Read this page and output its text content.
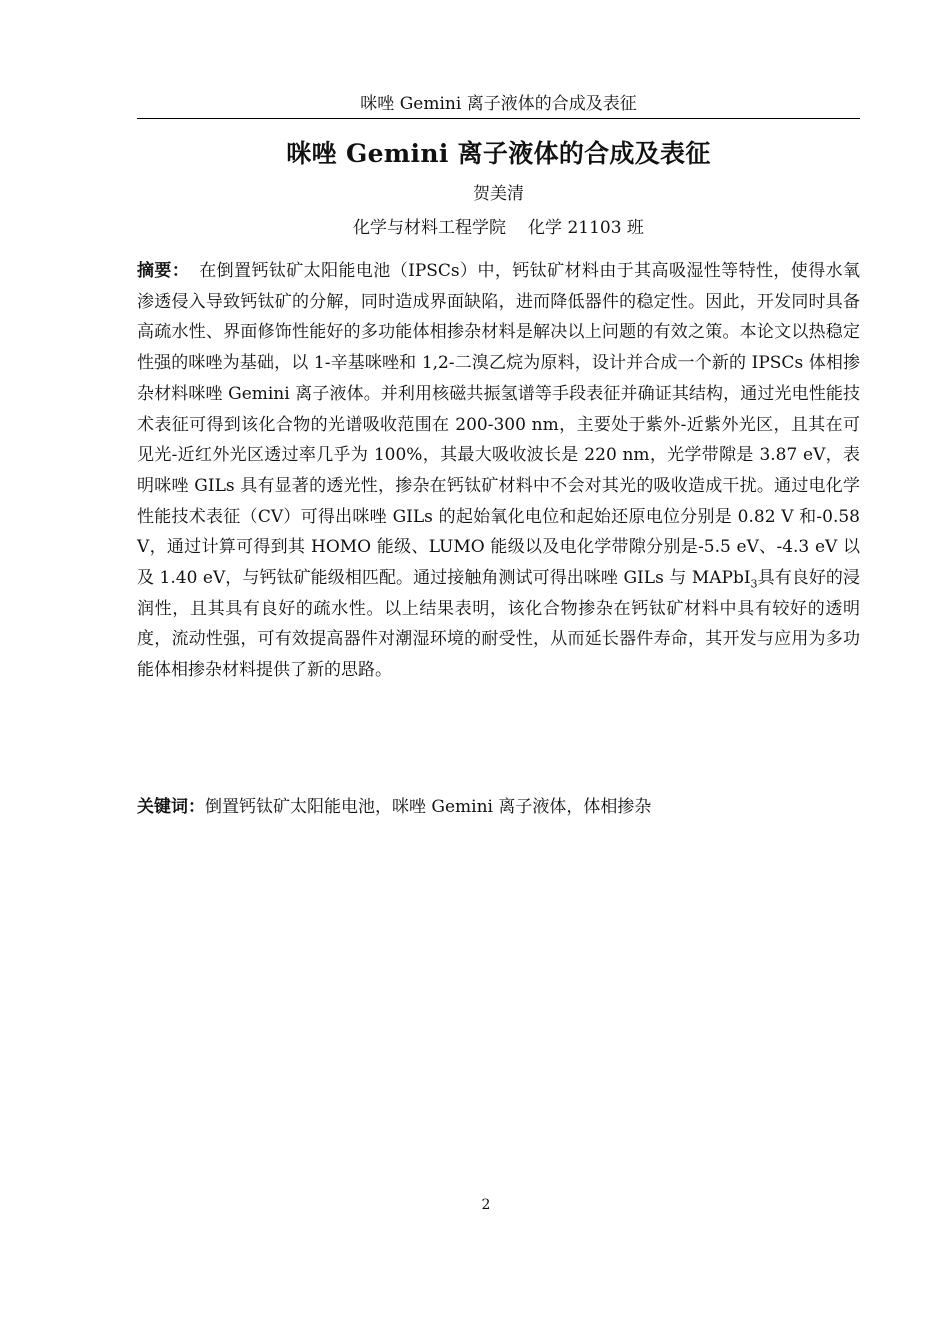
咪唑 Gemini 离子液体的合成及表征
咪唑 Gemini 离子液体的合成及表征
贺美清
化学与材料工程学院 化学 21103 班
摘要： 在倒置钙钛矿太阳能电池（IPSCs）中，钙钛矿材料由于其高吸湿性等特性，使得水氧渗透侵入导致钙钛矿的分解，同时造成界面缺陷，进而降低器件的稳定性。因此，开发同时具备高疏水性、界面修饰性能好的多功能体相掺杂材料是解决以上问题的有效之策。本论文以热稳定性强的咪唑为基础，以 1-辛基咪唑和 1,2-二溴乙烷为原料，设计并合成一个新的 IPSCs 体相掺杂材料咪唑 Gemini 离子液体。并利用核磁共振氢谱等手段表征并确证其结构，通过光电性能技术表征可得到该化合物的光谱吸收范围在 200-300 nm，主要处于紫外-近紫外光区，且其在可见光-近红外光区透过率几乎为 100%，其最大吸收波长是 220 nm，光学带隙是 3.87 eV，表明咪唑 GILs 具有显著的透光性，掺杂在钙钛矿材料中不会对其光的吸收造成干扰。通过电化学性能技术表征（CV）可得出咪唑 GILs 的起始氧化电位和起始还原电位分别是 0.82 V 和-0.58 V，通过计算可得到其 HOMO 能级、LUMO 能级以及电化学带隙分别是-5.5 eV、-4.3 eV 以及 1.40 eV，与钙钛矿能级相匹配。通过接触角测试可得出咪唑 GILs 与 MAPbI$_3$具有良好的浸润性，且其具有良好的疏水性。以上结果表明，该化合物掺杂在钙钛矿材料中具有较好的透明度，流动性强，可有效提高器件对潮湿环境的耐受性，从而延长器件寿命，其开发与应用为多功能体相掺杂材料提供了新的思路。
关键词：倒置钙钛矿太阳能电池，咪唑 Gemini 离子液体，体相掺杂
2
